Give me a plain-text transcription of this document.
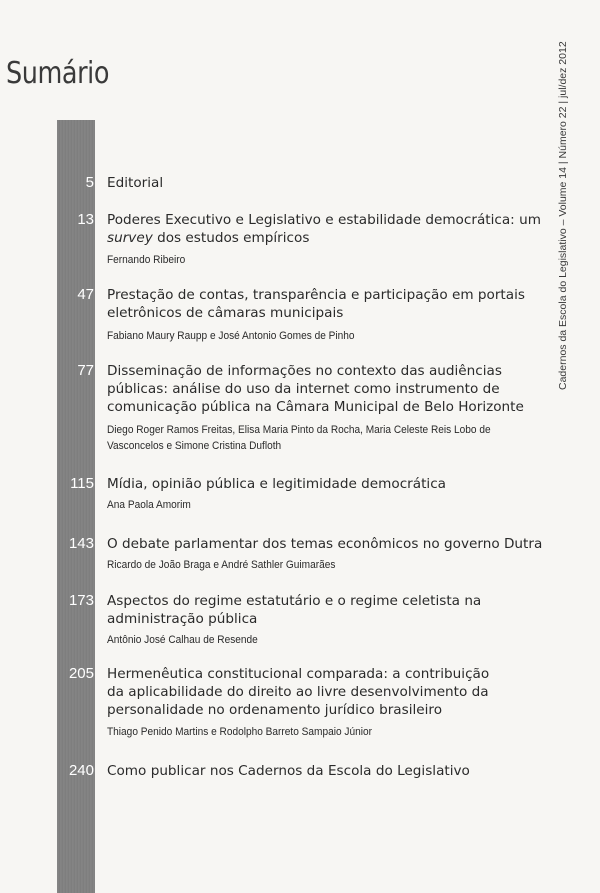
Sumário	Cadernos da Escola do Legislativo – Volume 14 | Número 22 | jul/dez 2012
5 Editorial
13 Poderes Executivo e Legislativo e estabilidade democrática: um
survey dos estudos empíricos
Fernando Ribeiro
47 Prestação de contas, transparência e participação em portais
eletrônicos de câmaras municipais
Fabiano Maury Raupp e José Antonio Gomes de Pinho
77 Disseminação de informações no contexto das audiências
públicas: análise do uso da internet como instrumento de
comunicação pública na Câmara Municipal de Belo Horizonte
Diego Roger Ramos Freitas, Elisa Maria Pinto da Rocha, Maria Celeste Reis Lobo de
Vasconcelos e Simone Cristina Dufloth
115 Mídia, opinião pública e legitimidade democrática
Ana Paola Amorim
143 O debate parlamentar dos temas econômicos no governo Dutra
Ricardo de João Braga e André Sathler Guimarães
173 Aspectos do regime estatutário e o regime celetista na
administração pública
Antônio José Calhau de Resende
205 Hermenêutica constitucional comparada: a contribuição
da aplicabilidade do direito ao livre desenvolvimento da
personalidade no ordenamento jurídico brasileiro
Thiago Penido Martins e Rodolpho Barreto Sampaio Júnior
240 Como publicar nos Cadernos da Escola do Legislativo
